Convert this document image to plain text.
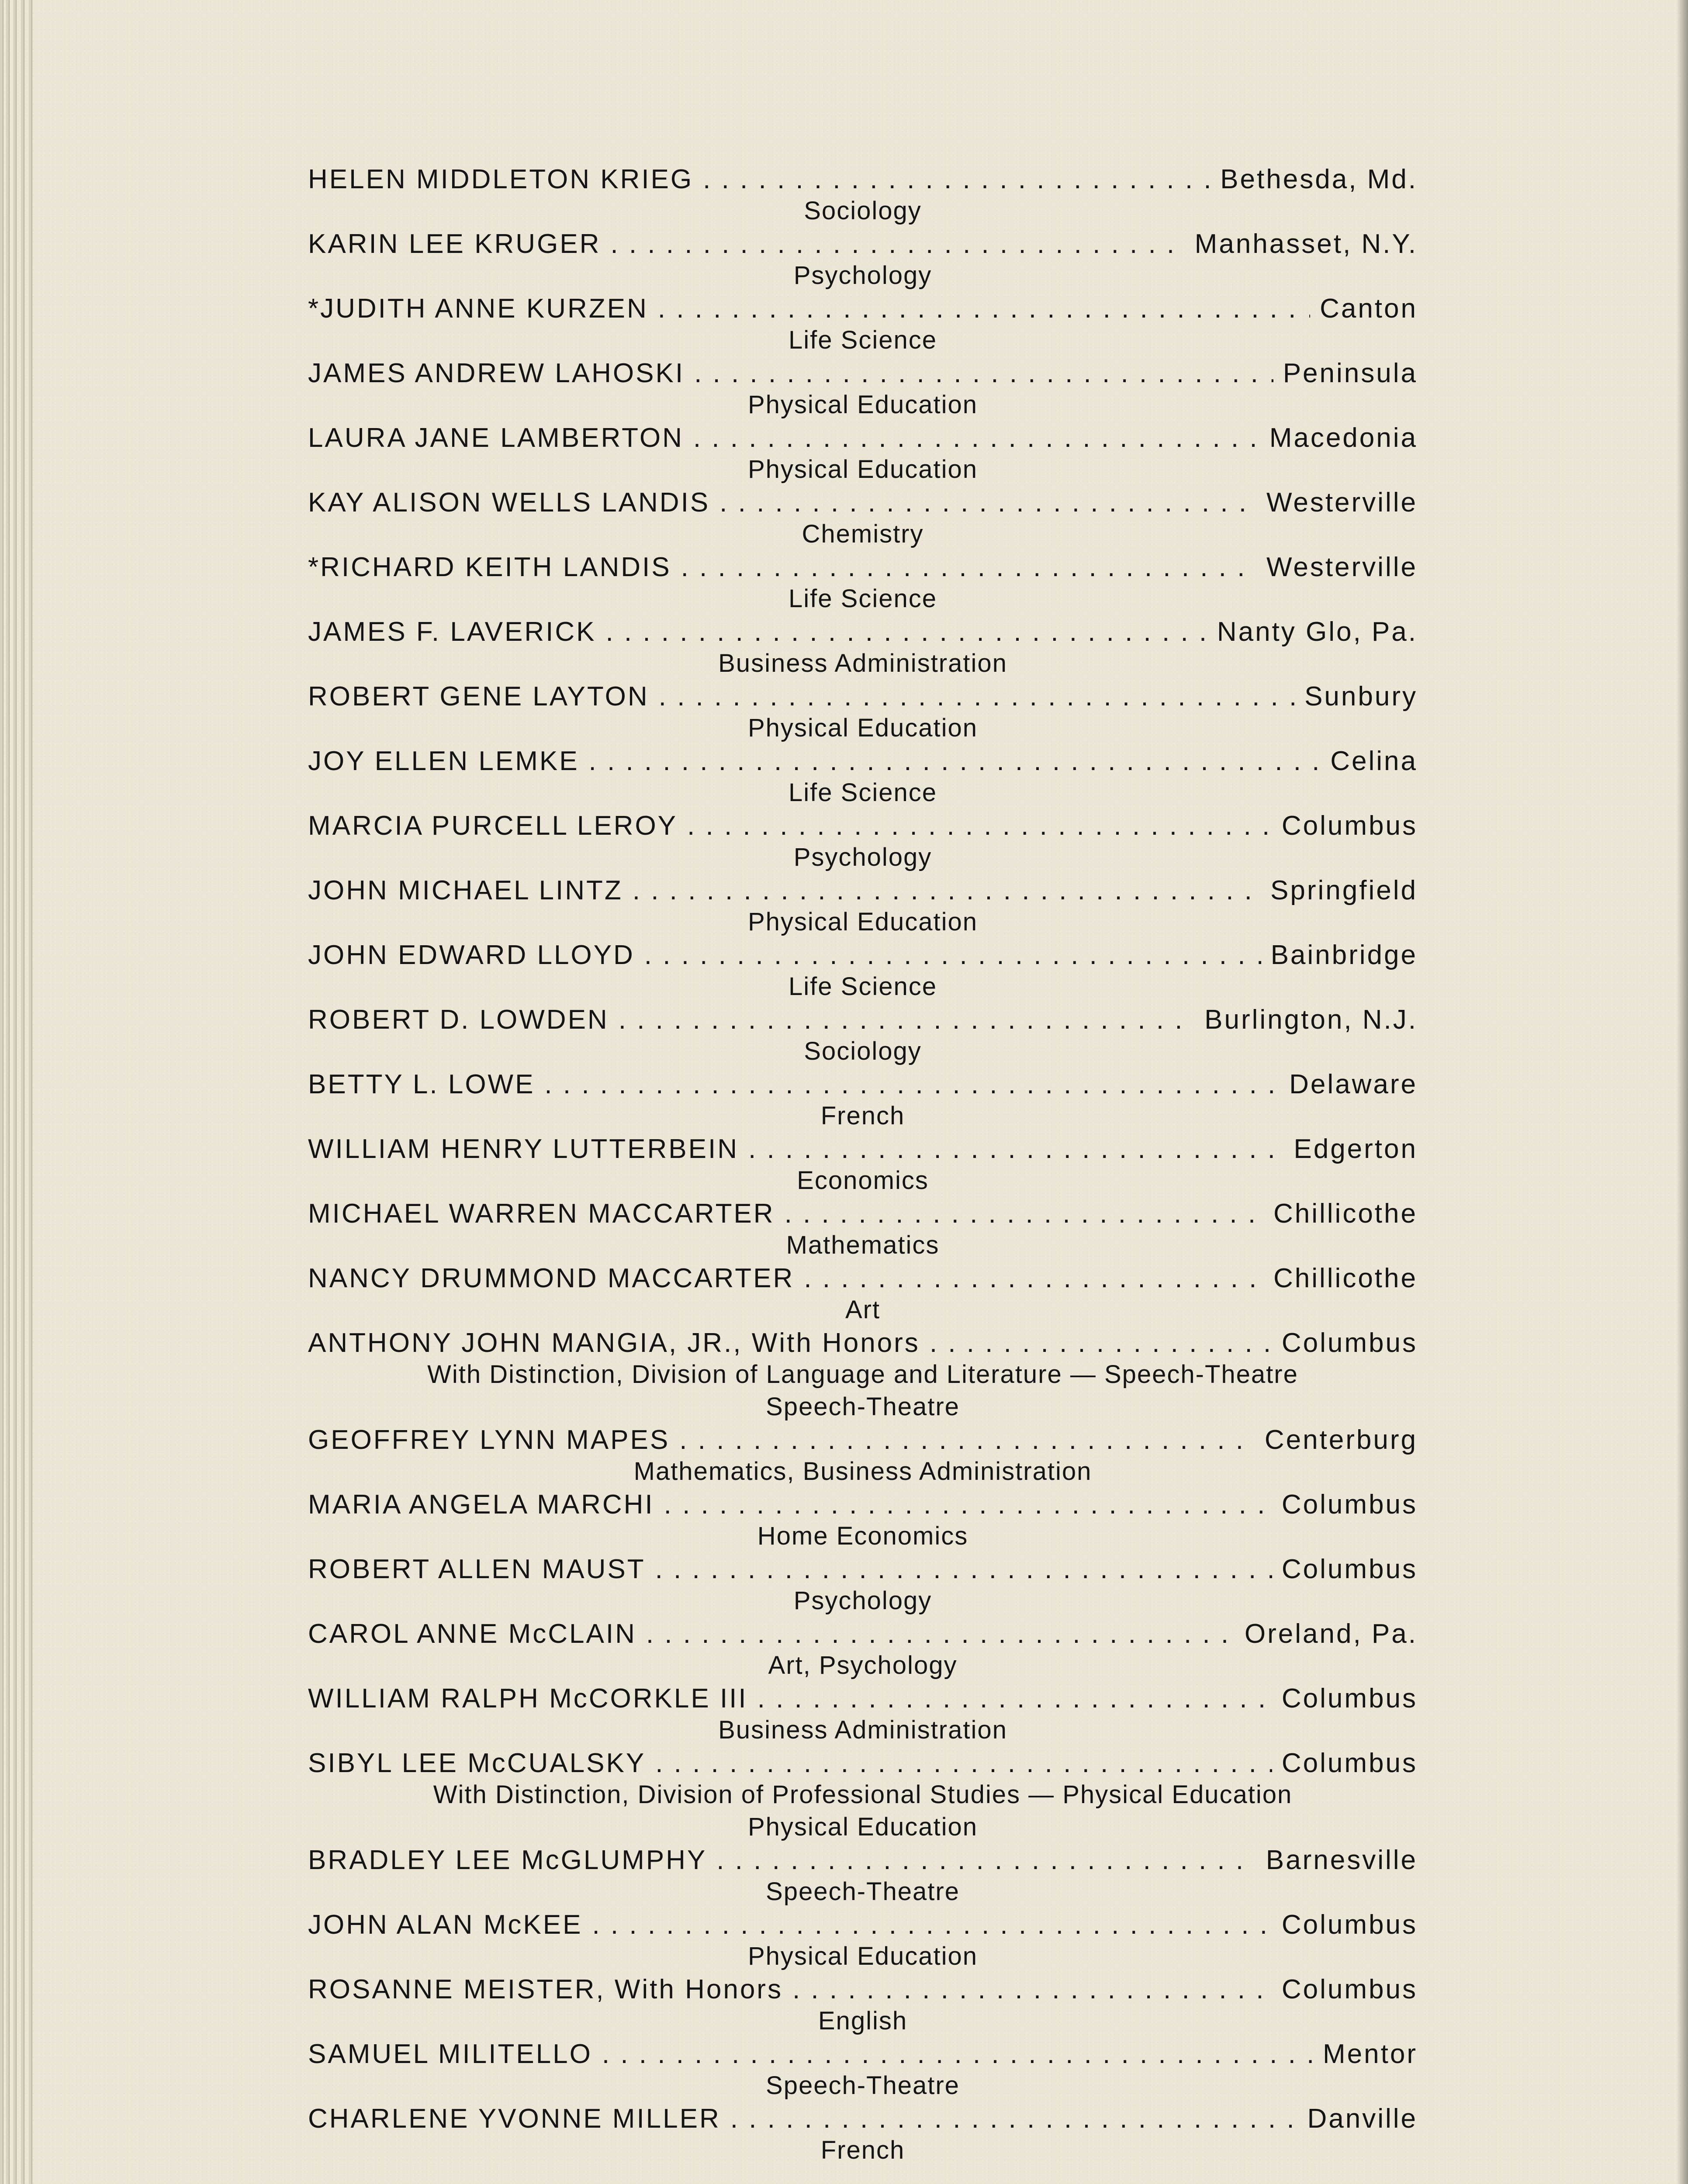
HELEN MIDDLETON KRIEG . . .	Bethesda, Md.
Sociology
KARIN LEE KRUGER . . .	Manhasset, N.Y.
Psychology
*JUDITH ANNE KURZEN . . .	Canton
Life Science
JAMES ANDREW LAHOSKI . . .	Peninsula
Physical Education
LAURA JANE LAMBERTON . . .	Macedonia
Physical Education
KAY ALISON WELLS LANDIS . . .	Westerville
Chemistry
*RICHARD KEITH LANDIS . . .	Westerville
Life Science
JAMES F. LAVERICK . . .	Nanty Glo, Pa.
Business Administration
ROBERT GENE LAYTON . . .	Sunbury
Physical Education
JOY ELLEN LEMKE . . .	Celina
Life Science
MARCIA PURCELL LEROY . . .	Columbus
Psychology
JOHN MICHAEL LINTZ . . .	Springfield
Physical Education
JOHN EDWARD LLOYD . . .	Bainbridge
Life Science
ROBERT D. LOWDEN . . .	Burlington, N.J.
Sociology
BETTY L. LOWE . . .	Delaware
French
WILLIAM HENRY LUTTERBEIN . . .	Edgerton
Economics
MICHAEL WARREN MACCARTER . . .	Chillicothe
Mathematics
NANCY DRUMMOND MACCARTER . . .	Chillicothe
Art
ANTHONY JOHN MANGIA, JR., With Honors . . .	Columbus
With Distinction, Division of Language and Literature — Speech-Theatre
Speech-Theatre
GEOFFREY LYNN MAPES . . .	Centerburg
Mathematics, Business Administration
MARIA ANGELA MARCHI . . .	Columbus
Home Economics
ROBERT ALLEN MAUST . . .	Columbus
Psychology
CAROL ANNE McCLAIN . . .	Oreland, Pa.
Art, Psychology
WILLIAM RALPH McCORKLE III . . .	Columbus
Business Administration
SIBYL LEE McCUALSKY . . .	Columbus
With Distinction, Division of Professional Studies — Physical Education
Physical Education
BRADLEY LEE McGLUMPHY . . .	Barnesville
Speech-Theatre
JOHN ALAN McKEE . . .	Columbus
Physical Education
ROSANNE MEISTER, With Honors . . .	Columbus
English
SAMUEL MILITELLO . . .	Mentor
Speech-Theatre
CHARLENE YVONNE MILLER . . .	Danville
French
